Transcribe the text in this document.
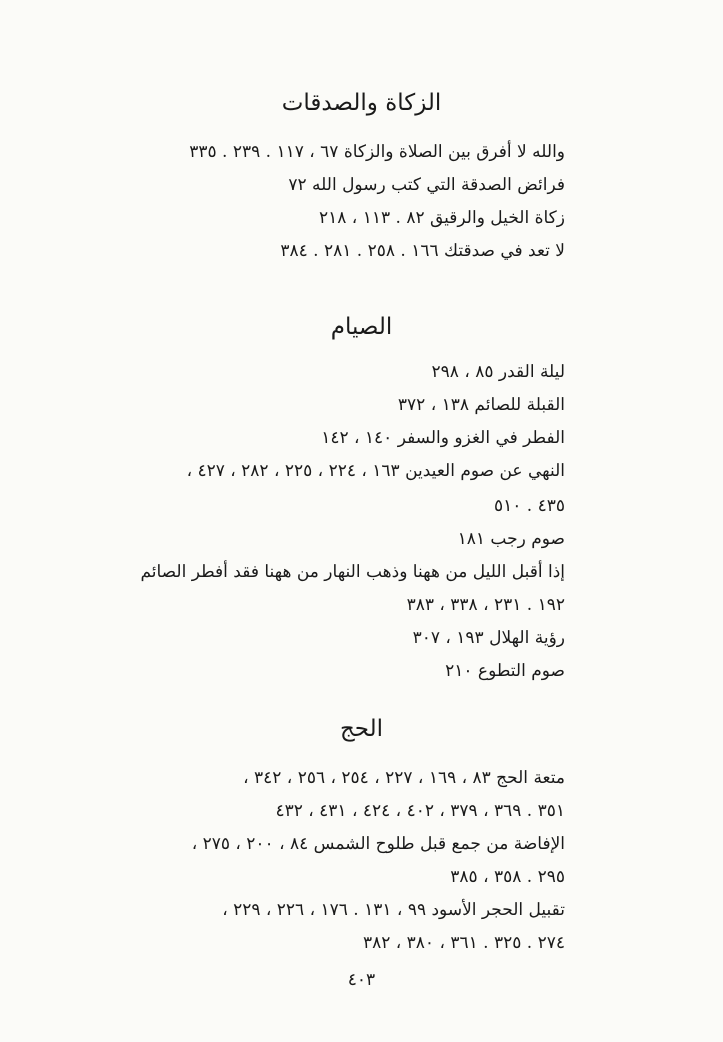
الزكاة والصدقات

والله لا أفرق بين الصلاة والزكاة ٦٧ ، ١١٧ . ٢٣٩ . ٣٣٥

فرائض الصدقة التي كتب رسول الله ٧٢

زكاة الخيل والرقيق ٨٢ . ١١٣ ، ٢١٨

لا تعد في صدقتك ١٦٦ . ٢٥٨ . ٢٨١ . ٣٨٤

الصيام

ليلة القدر ٨٥ ، ٢٩٨

القبلة للصائم ١٣٨ ، ٣٧٢

الفطر في الغزو والسفر ١٤٠ ، ١٤٢

النهي عن صوم العيدين ١٦٣ ، ٢٢٤ ، ٢٢٥ ، ٢٨٢ ، ٤٢٧ ،

٤٣٥ . ٥١٠

صوم رجب ١٨١

إذا أقبل الليل من ههنا وذهب النهار من ههنا فقد أفطر الصائم

١٩٢ . ٢٣١ ، ٣٣٨ ، ٣٨٣

رؤية الهلال ١٩٣ ، ٣٠٧

صوم التطوع ٢١٠

الحج

متعة الحج ٨٣ ، ١٦٩ ، ٢٢٧ ، ٢٥٤ ، ٢٥٦ ، ٣٤٢ ،

٣٥١ . ٣٦٩ ، ٣٧٩ ، ٤٠٢ ، ٤٢٤ ، ٤٣١ ، ٤٣٢

الإفاضة من جمع قبل طلوح الشمس ٨٤ ، ٢٠٠ ، ٢٧٥ ،

٢٩٥ . ٣٥٨ ، ٣٨٥

تقبيل الحجر الأسود ٩٩ ، ١٣١ . ١٧٦ ، ٢٢٦ ، ٢٢٩ ،

٢٧٤ . ٣٢٥ . ٣٦١ ، ٣٨٠ ، ٣٨٢

٤٠٣
